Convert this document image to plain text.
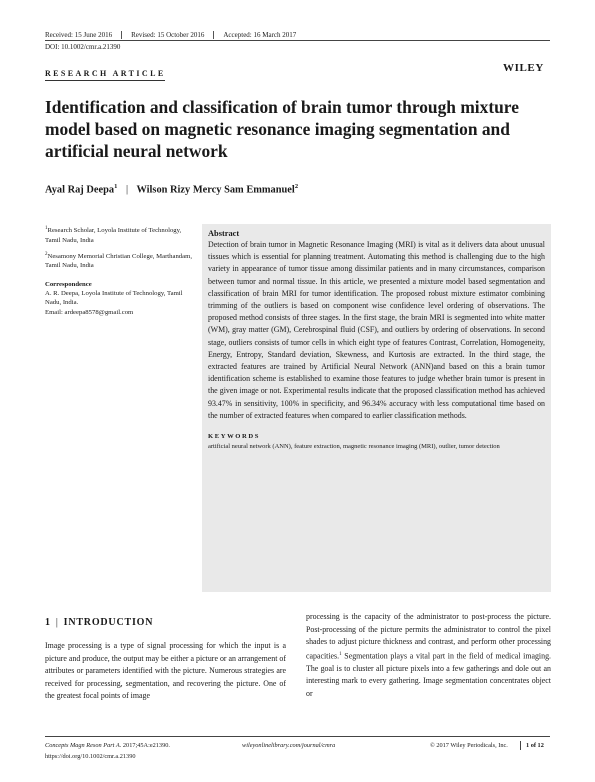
Received: 15 June 2016	Revised: 15 October 2016	Accepted: 16 March 2017
DOI: 10.1002/cmr.a.21390
RESEARCH ARTICLE	WILEY
Identification and classification of brain tumor through mixture model based on magnetic resonance imaging segmentation and artificial neural network
Ayal Raj Deepa$^1$ | Wilson Rizy Mercy Sam Emmanuel$^2$

$^1$Research Scholar, Loyola Institute of Technology, Tamil Nadu, India

$^2$Nesamony Memorial Christian College, Marthandam, Tamil Nadu, India

Correspondence

A. R. Deepa, Loyola Institute of Technology, Tamil Nadu, India.

Email: ardeepa8578@gmail.com

Abstract

Detection of brain tumor in Magnetic Resonance Imaging (MRI) is vital as it delivers data about unusual tissues which is essential for planning treatment. Automating this method is challenging due to the high variety in appearance of tumor tissue among dissimilar patients and in many circumstances, comparison between tumor and normal tissue. In this article, we presented a mixture model based segmentation and classification of brain MRI for tumor identification. The proposed robust mixture estimator combining trimming of the outliers is based on component wise confidence level ordering of observations. The proposed method consists of three stages. In the first stage, the brain MRI is segmented into white matter (WM), gray matter (GM), Cerebrospinal fluid (CSF), and outliers by ordering of observations. In second stage, outliers consists of tumor cells in which eight type of features Contrast, Correlation, Homogeneity, Energy, Entropy, Standard deviation, Skewness, and Kurtosis are extracted. In the third stage, the extracted features are trained by Artificial Neural Network (ANN)and based on this a brain tumor identification scheme is established to examine those features to judge whether brain tumor is present in the given image or not. Experimental results indicate that the proposed classification method has achieved 93.47% in sensitivity, 100% in specificity, and 96.34% accuracy with less computational time based on the number of extracted features when compared to earlier classification methods.

KEYWORDS

artificial neural network (ANN), feature extraction, magnetic resonance imaging (MRI), outlier, tumor detection

1 | INTRODUCTION

Image processing is a type of signal processing for which the input is a picture and produce, the output may be either a picture or an arrangement of attributes or parameters identified with the picture. Numerous strategies are received for processing, segmentation, and recovering the picture. One of the greatest focal points of image

processing is the capacity of the administrator to post-process the picture. Post-processing of the picture permits the administrator to control the pixel shades to adjust picture thickness and contrast, and perform other processing capacities.$^1$ Segmentation plays a vital part in the field of medical imaging. The goal is to cluster all picture pixels into a few gatherings and dole out an interesting mark to every gathering. Image segmentation concentrates object or

Concepts Magn Reson Part A. 2017;45A:e21390.
https://doi.org/10.1002/cmr.a.21390
wileyonlinelibrary.com/journal/cmra	© 2017 Wiley Periodicals, Inc.	1 of 12
